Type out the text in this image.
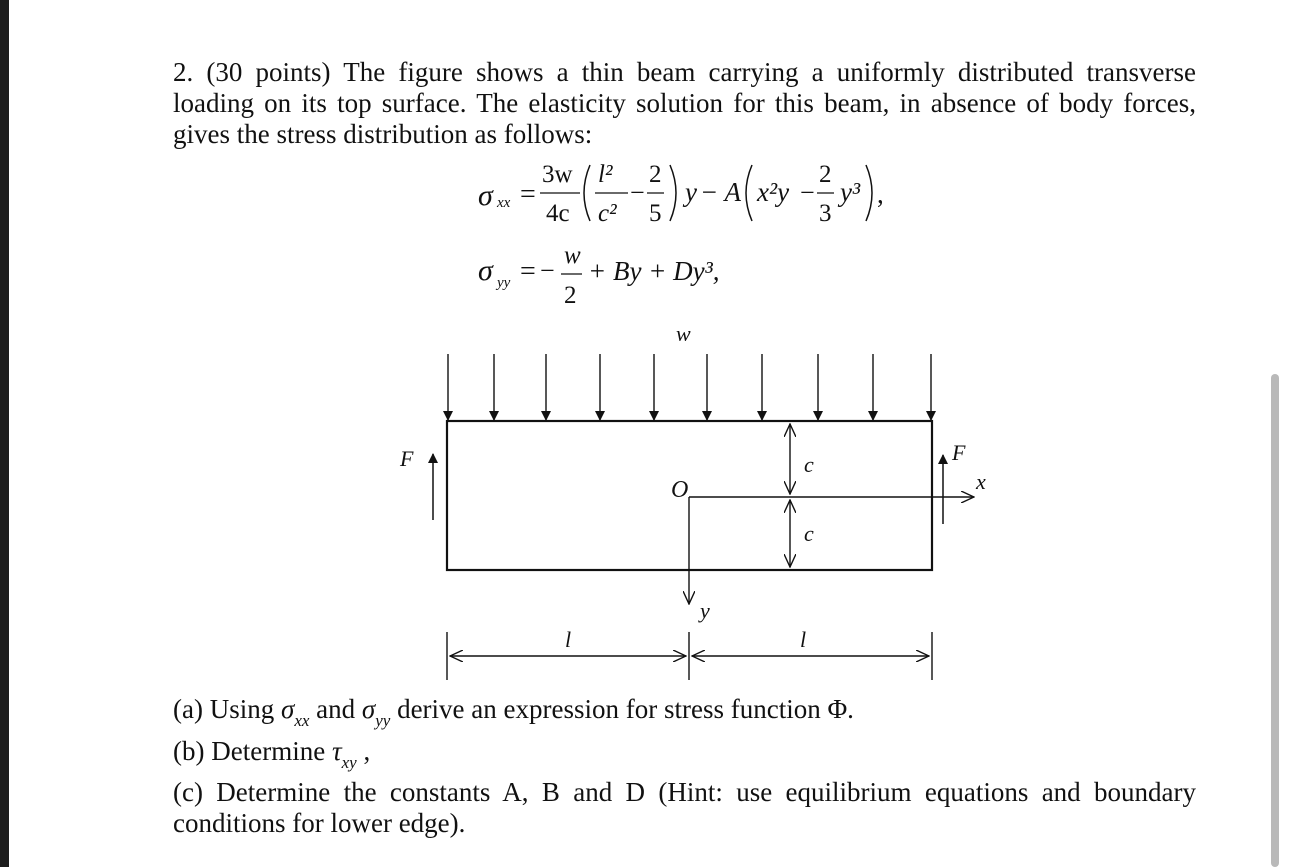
2. (30 points) The figure shows a thin beam carrying a uniformly distributed transverse
loading on its top surface. The elasticity solution for this beam, in absence of body forces,
gives the stress distribution as follows:
σ xx =
3w
4c
l²
c²
−
2
5
y − A x²y −
2
3
y³ ,
σ yy = −
w
2
+ By + Dy³,
w
F	F
O	x
y
c
c
l	l
(a) Using $\sigma_{xx}$ and $\sigma_{yy}$ derive an expression for stress function Φ.
(b) Determine $\tau_{xy}$ ,
(c) Determine the constants A, B and D (Hint: use equilibrium equations and boundary
conditions for lower edge).
